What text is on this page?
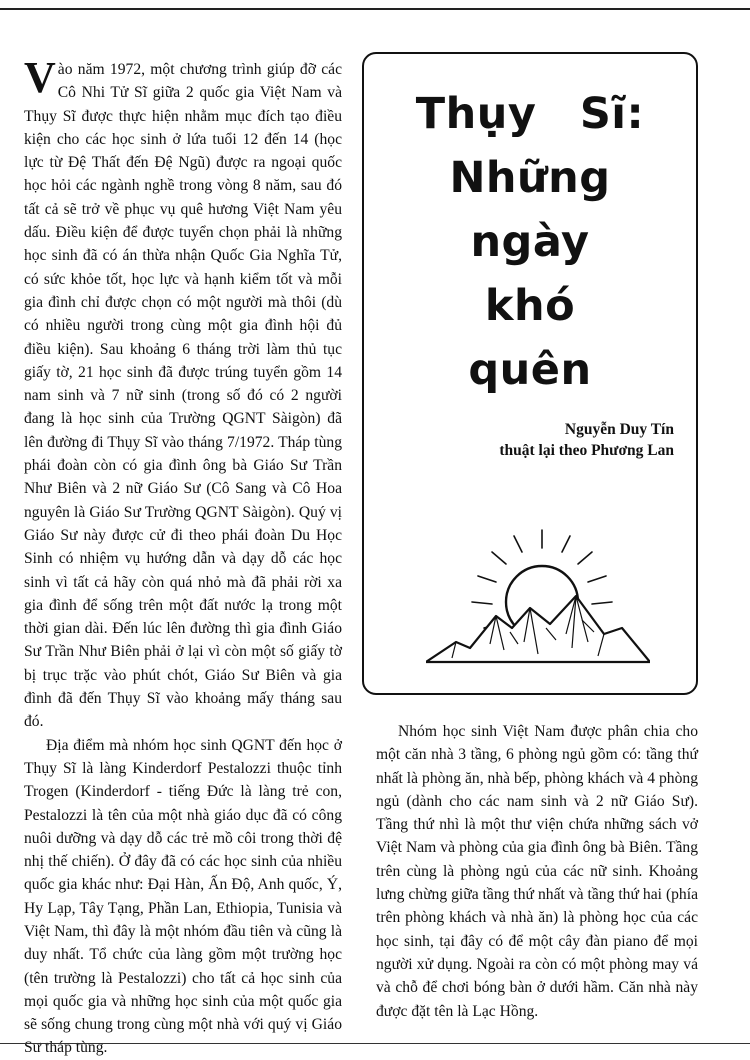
Vào năm 1972, một chương trình giúp đỡ các Cô Nhi Tử Sĩ giữa 2 quốc gia Việt Nam và Thụy Sĩ được thực hiện nhằm mục đích tạo điều kiện cho các học sinh ở lứa tuổi 12 đến 14 (học lực từ Đệ Thất đến Đệ Ngũ) được ra ngoại quốc học hỏi các ngành nghề trong vòng 8 năm, sau đó tất cả sẽ trở về phục vụ quê hương Việt Nam yêu dấu. Điều kiện để được tuyển chọn phải là những học sinh đã có án thừa nhận Quốc Gia Nghĩa Tử, có sức khỏe tốt, học lực và hạnh kiểm tốt và mỗi gia đình chỉ được chọn có một người mà thôi (dù có nhiều người trong cùng một gia đình hội đủ điều kiện). Sau khoảng 6 tháng trời làm thủ tục giấy tờ, 21 học sinh đã được trúng tuyển gồm 14 nam sinh và 7 nữ sinh (trong số đó có 2 người đang là học sinh của Trường QGNT Sàigòn) đã lên đường đi Thụy Sĩ vào tháng 7/1972. Tháp tùng phái đoàn còn có gia đình ông bà Giáo Sư Trần Như Biên và 2 nữ Giáo Sư (Cô Sang và Cô Hoa nguyên là Giáo Sư Trường QGNT Sàigòn). Quý vị Giáo Sư này được cử đi theo phái đoàn Du Học Sinh có nhiệm vụ hướng dẫn và dạy dỗ các học sinh vì tất cả hãy còn quá nhỏ mà đã phải rời xa gia đình để sống trên một đất nước lạ trong một thời gian dài. Đến lúc lên đường thì gia đình Giáo Sư Trần Như Biên phải ở lại vì còn một số giấy tờ bị trục trặc vào phút chót, Giáo Sư Biên và gia đình đã đến Thụy Sĩ vào khoảng mấy tháng sau đó.

Địa điểm mà nhóm học sinh QGNT đến học ở Thụy Sĩ là làng Kinderdorf Pestalozzi thuộc tỉnh Trogen (Kinderdorf - tiếng Đức là làng trẻ con, Pestalozzi là tên của một nhà giáo dục đã có công nuôi dưỡng và dạy dỗ các trẻ mồ côi trong thời đệ nhị thế chiến). Ở đây đã có các học sinh của nhiều quốc gia khác như: Đại Hàn, Ấn Độ, Anh quốc, Ý, Hy Lạp, Tây Tạng, Phần Lan, Ethiopia, Tunisia và Việt Nam, thì đây là một nhóm đầu tiên và cũng là duy nhất. Tổ chức của làng gồm một trường học (tên trường là Pestalozzi) cho tất cả học sinh của mọi quốc gia và những học sinh của một quốc gia sẽ sống chung trong cùng một nhà với quý vị Giáo Sư tháp tùng.

Thụy Sĩ:
Những
ngày
khó
quên
Nguyễn Duy Tín
thuật lại theo Phương Lan

Nhóm học sinh Việt Nam được phân chia cho một căn nhà 3 tầng, 6 phòng ngủ gồm có: tầng thứ nhất là phòng ăn, nhà bếp, phòng khách và 4 phòng ngủ (dành cho các nam sinh và 2 nữ Giáo Sư). Tầng thứ nhì là một thư viện chứa những sách vở Việt Nam và phòng của gia đình ông bà Biên. Tầng trên cùng là phòng ngủ của các nữ sinh. Khoảng lưng chừng giữa tầng thứ nhất và tầng thứ hai (phía trên phòng khách và nhà ăn) là phòng học của các học sinh, tại đây có để một cây đàn piano để mọi người xử dụng. Ngoài ra còn có một phòng may vá và chỗ để chơi bóng bàn ở dưới hầm. Căn nhà này được đặt tên là Lạc Hồng.
